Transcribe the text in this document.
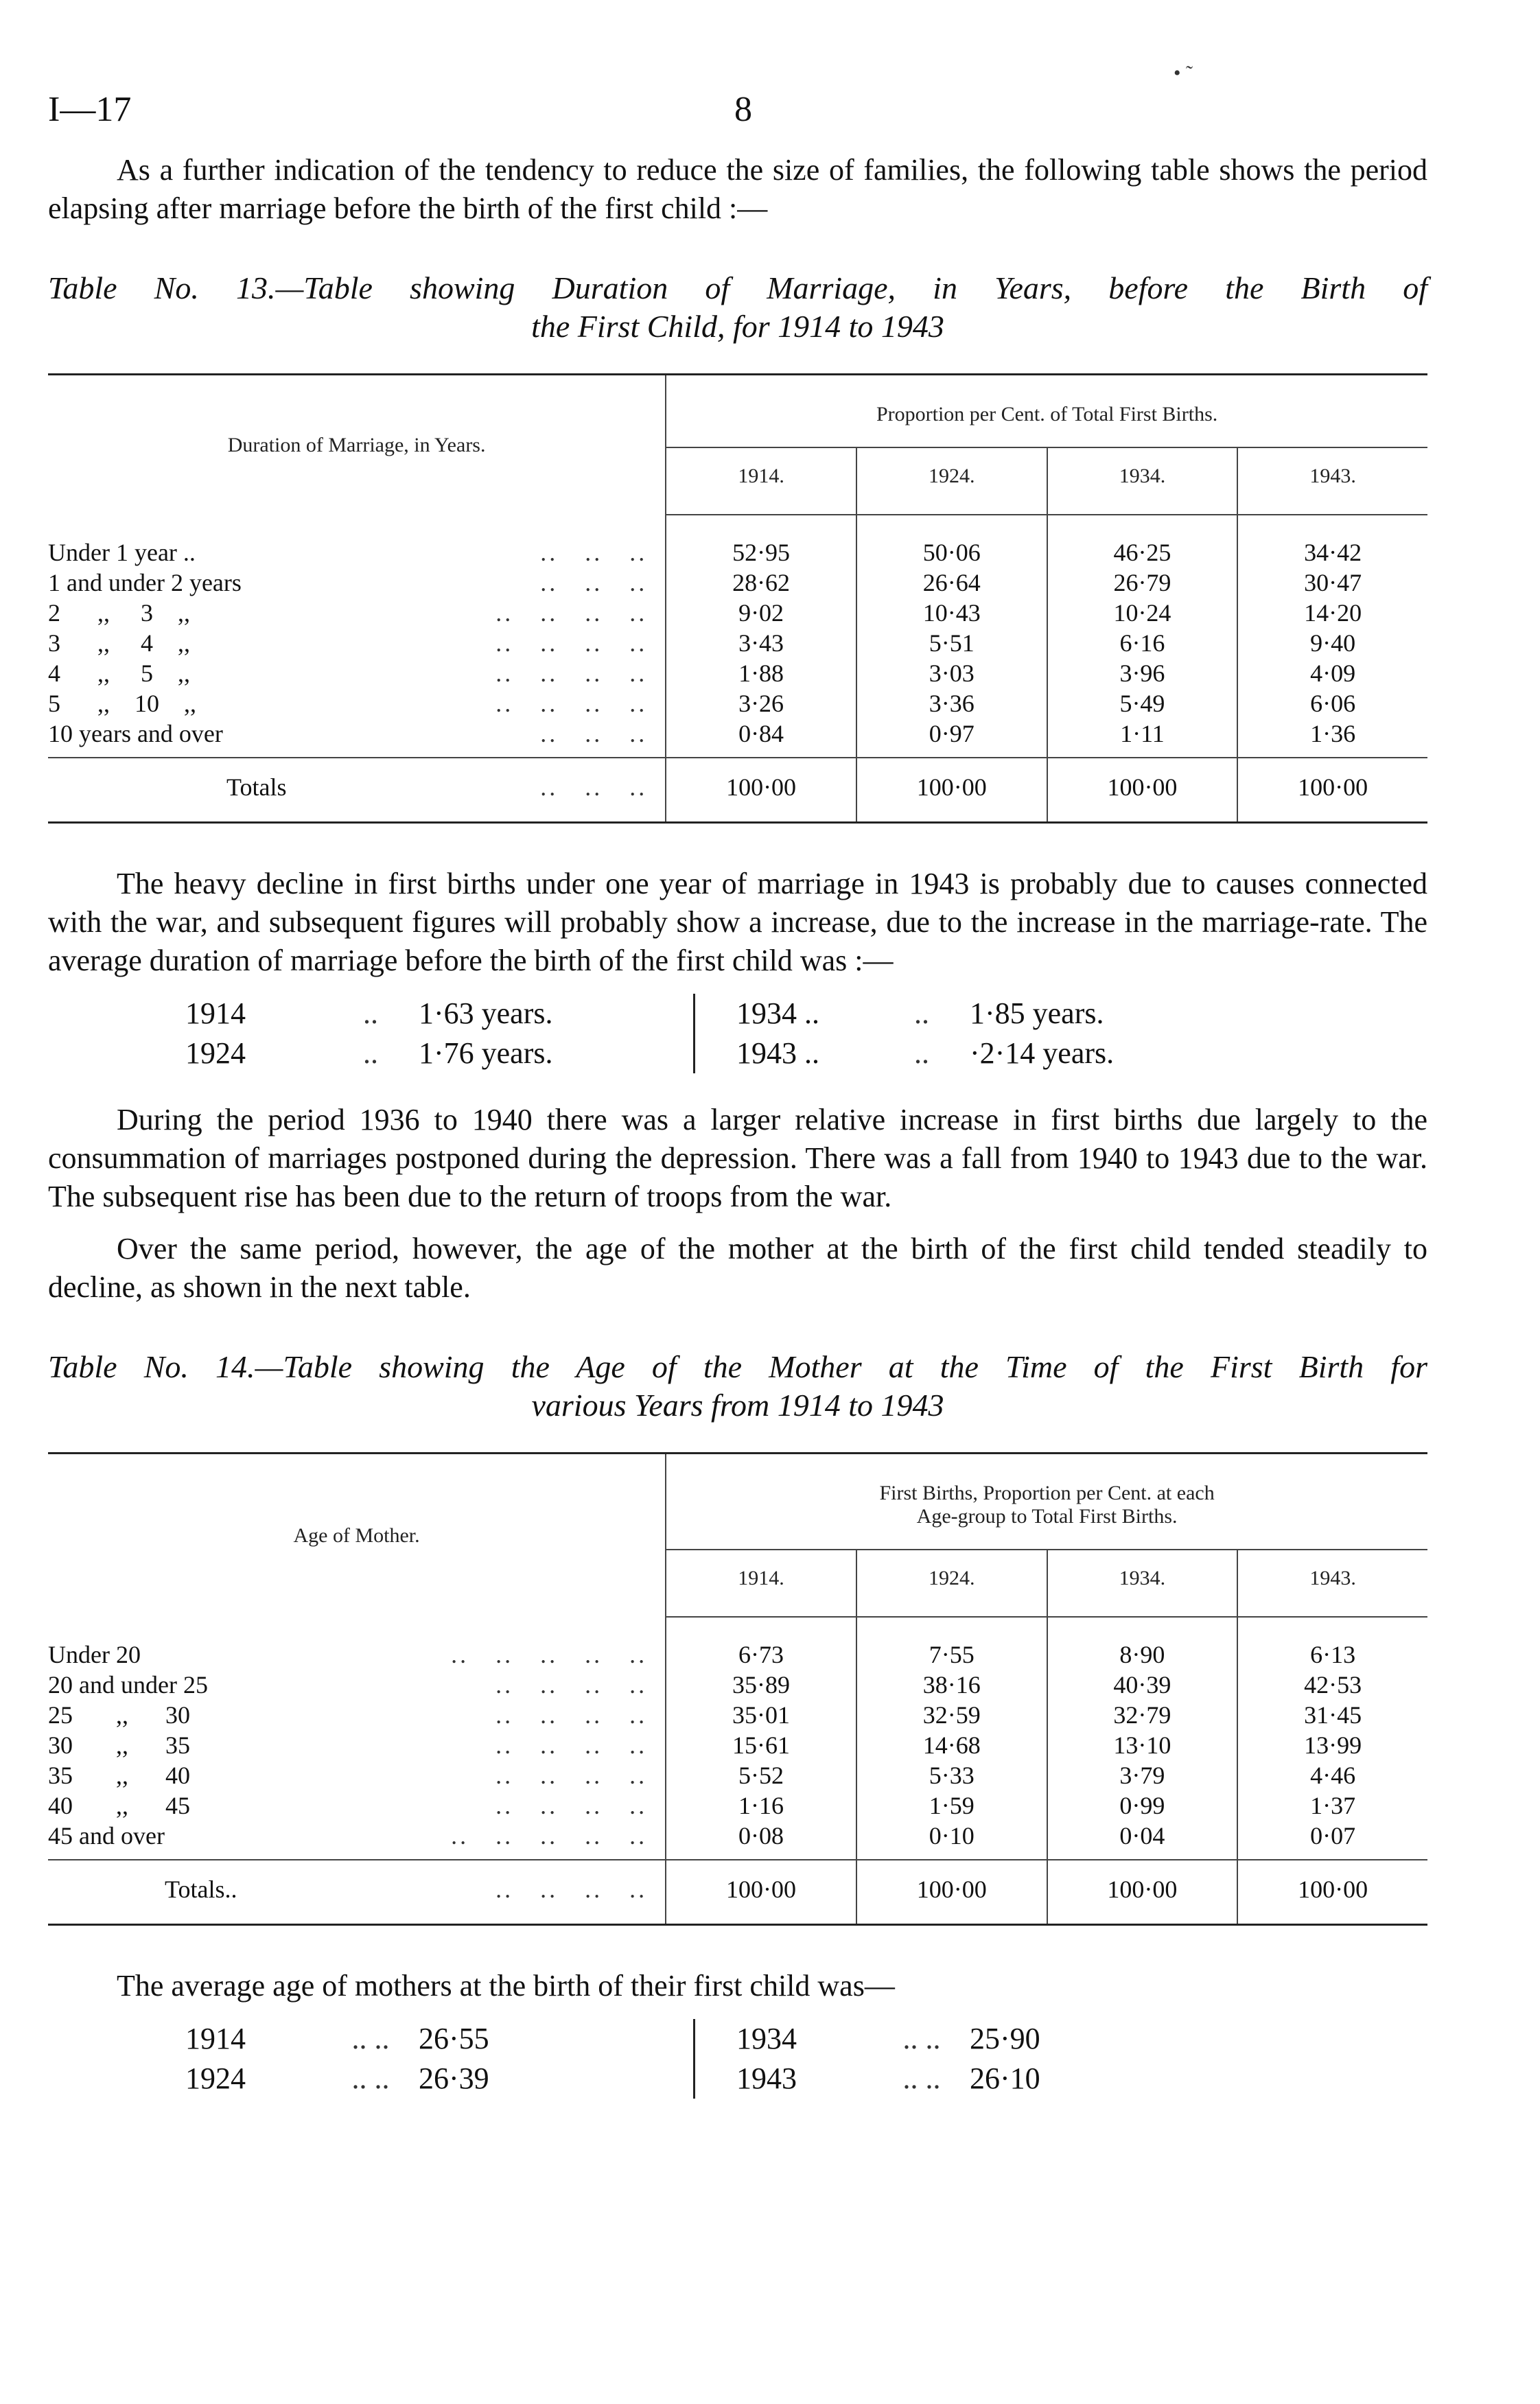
I—17	8
• ˜

As a further indication of the tendency to reduce the size of families, the following table shows the period elapsing after marriage before the birth of the first child :—

Table No. 13.—Table showing Duration of Marriage, in Years, before the Birth of
the First Child, for 1914 to 1943
Duration of Marriage, in Years.	Proportion per Cent. of Total First Births.			
	1914.	1924.	1934.	1943.

Under 1 year .. ..   ..   ..	52·95	50·06	46·25	34·42

1 and under 2 years ..   ..   ..	28·62	26·64	26·79	30·47

2      ,,     3    ,, ..   ..   ..   ..	9·02	10·43	10·24	14·20

3      ,,     4    ,, ..   ..   ..   ..	3·43	5·51	6·16	9·40

4      ,,     5    ,, ..   ..   ..   ..	1·88	3·03	3·96	4·09

5      ,,    10    ,, ..   ..   ..   ..	3·26	3·36	5·49	6·06

10 years and over ..   ..   ..	0·84	0·97	1·11	1·36

Totals ..   ..   ..	100·00	100·00	100·00	100·00

The heavy decline in first births under one year of marriage in 1943 is probably due to causes connected with the war, and subsequent figures will probably show a increase, due to the increase in the marriage-rate. The average duration of marriage before the birth of the first child was :—

1914	..	1·63 years.
1924	..	1·76 years.
1934 ..	..	1·85 years.
1943 ..	..	·2·14 years.

During the period 1936 to 1940 there was a larger relative increase in first births due largely to the consummation of marriages postponed during the depression. There was a fall from 1940 to 1943 due to the war. The subsequent rise has been due to the return of troops from the war.

Over the same period, however, the age of the mother at the birth of the first child tended steadily to decline, as shown in the next table.

Table No. 14.—Table showing the Age of the Mother at the Time of the First Birth for
various Years from 1914 to 1943
Age of Mother.	First Births, Proportion per Cent. at each
Age-group to Total First Births.			
	1914.	1924.	1934.	1943.

Under 20 ..   ..   ..   ..   ..	6·73	7·55	8·90	6·13

20 and under 25 ..   ..   ..   ..	35·89	38·16	40·39	42·53

25       ,,      30 ..   ..   ..   ..	35·01	32·59	32·79	31·45

30       ,,      35 ..   ..   ..   ..	15·61	14·68	13·10	13·99

35       ,,      40 ..   ..   ..   ..	5·52	5·33	3·79	4·46

40       ,,      45 ..   ..   ..   ..	1·16	1·59	0·99	1·37

45 and over ..   ..   ..   ..   ..	0·08	0·10	0·04	0·07

Totals.. ..   ..   ..   ..	100·00	100·00	100·00	100·00

The average age of mothers at the birth of their first child was—

1914	.. .. 26·55
1924	.. .. 26·39
1934	.. .. 25·90
1943	.. .. 26·10
